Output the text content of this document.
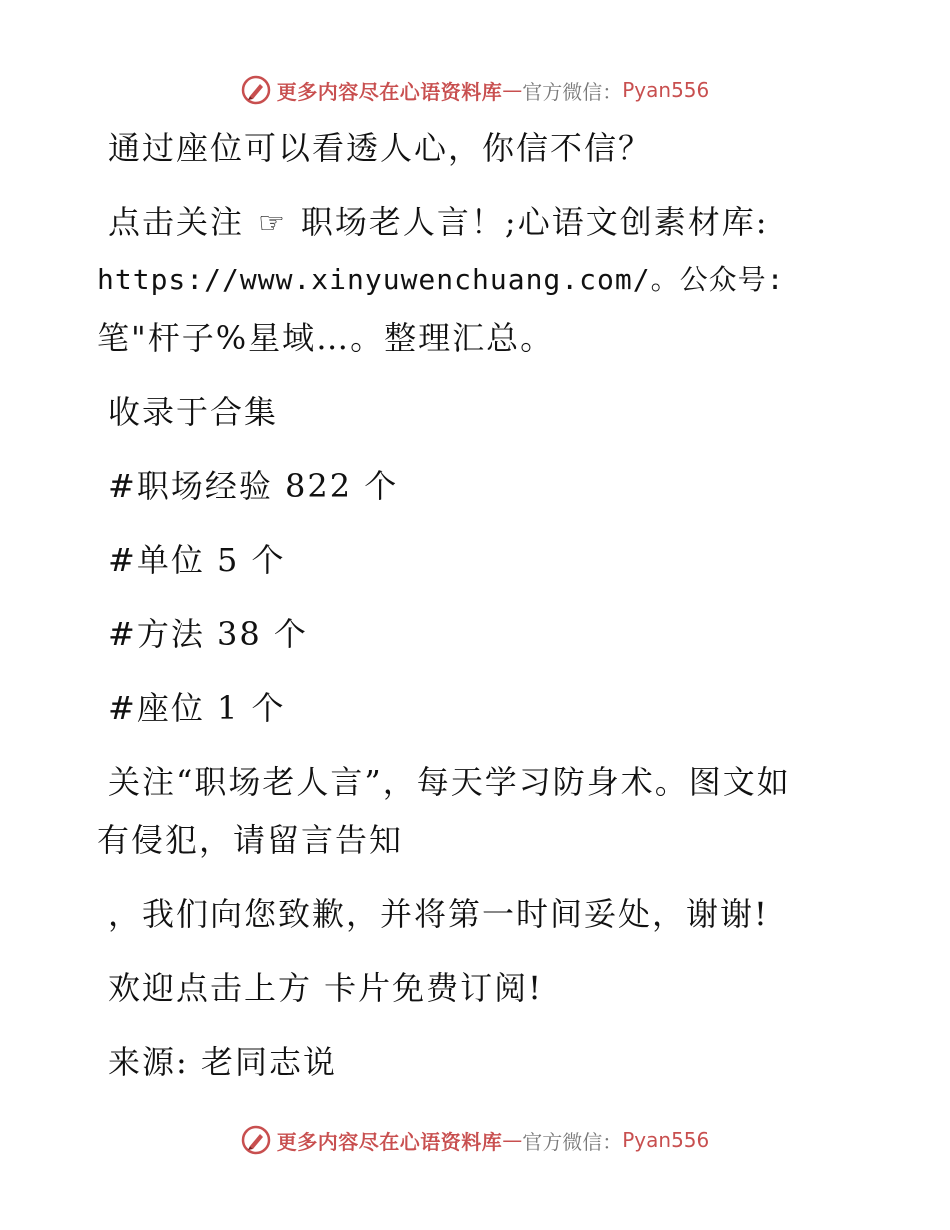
更多内容尽在心语资料库 — 官方微信： Pyan556
通过座位可以看透人心，你信不信？
点击关注 ☞ 职场老人言！;心语文创素材库:
https://www.xinyuwenchuang.com/。公众号:
笔"杆子%星域…。整理汇总。
收录于合集
#职场经验 822 个
#单位 5 个
#方法 38 个
#座位 1 个
关注“职场老人言”，每天学习防身术。图文如
有侵犯，请留言告知
，我们向您致歉，并将第一时间妥处，谢谢!
欢迎点击上方 卡片免费订阅!
来源: 老同志说
更多内容尽在心语资料库 — 官方微信： Pyan556
